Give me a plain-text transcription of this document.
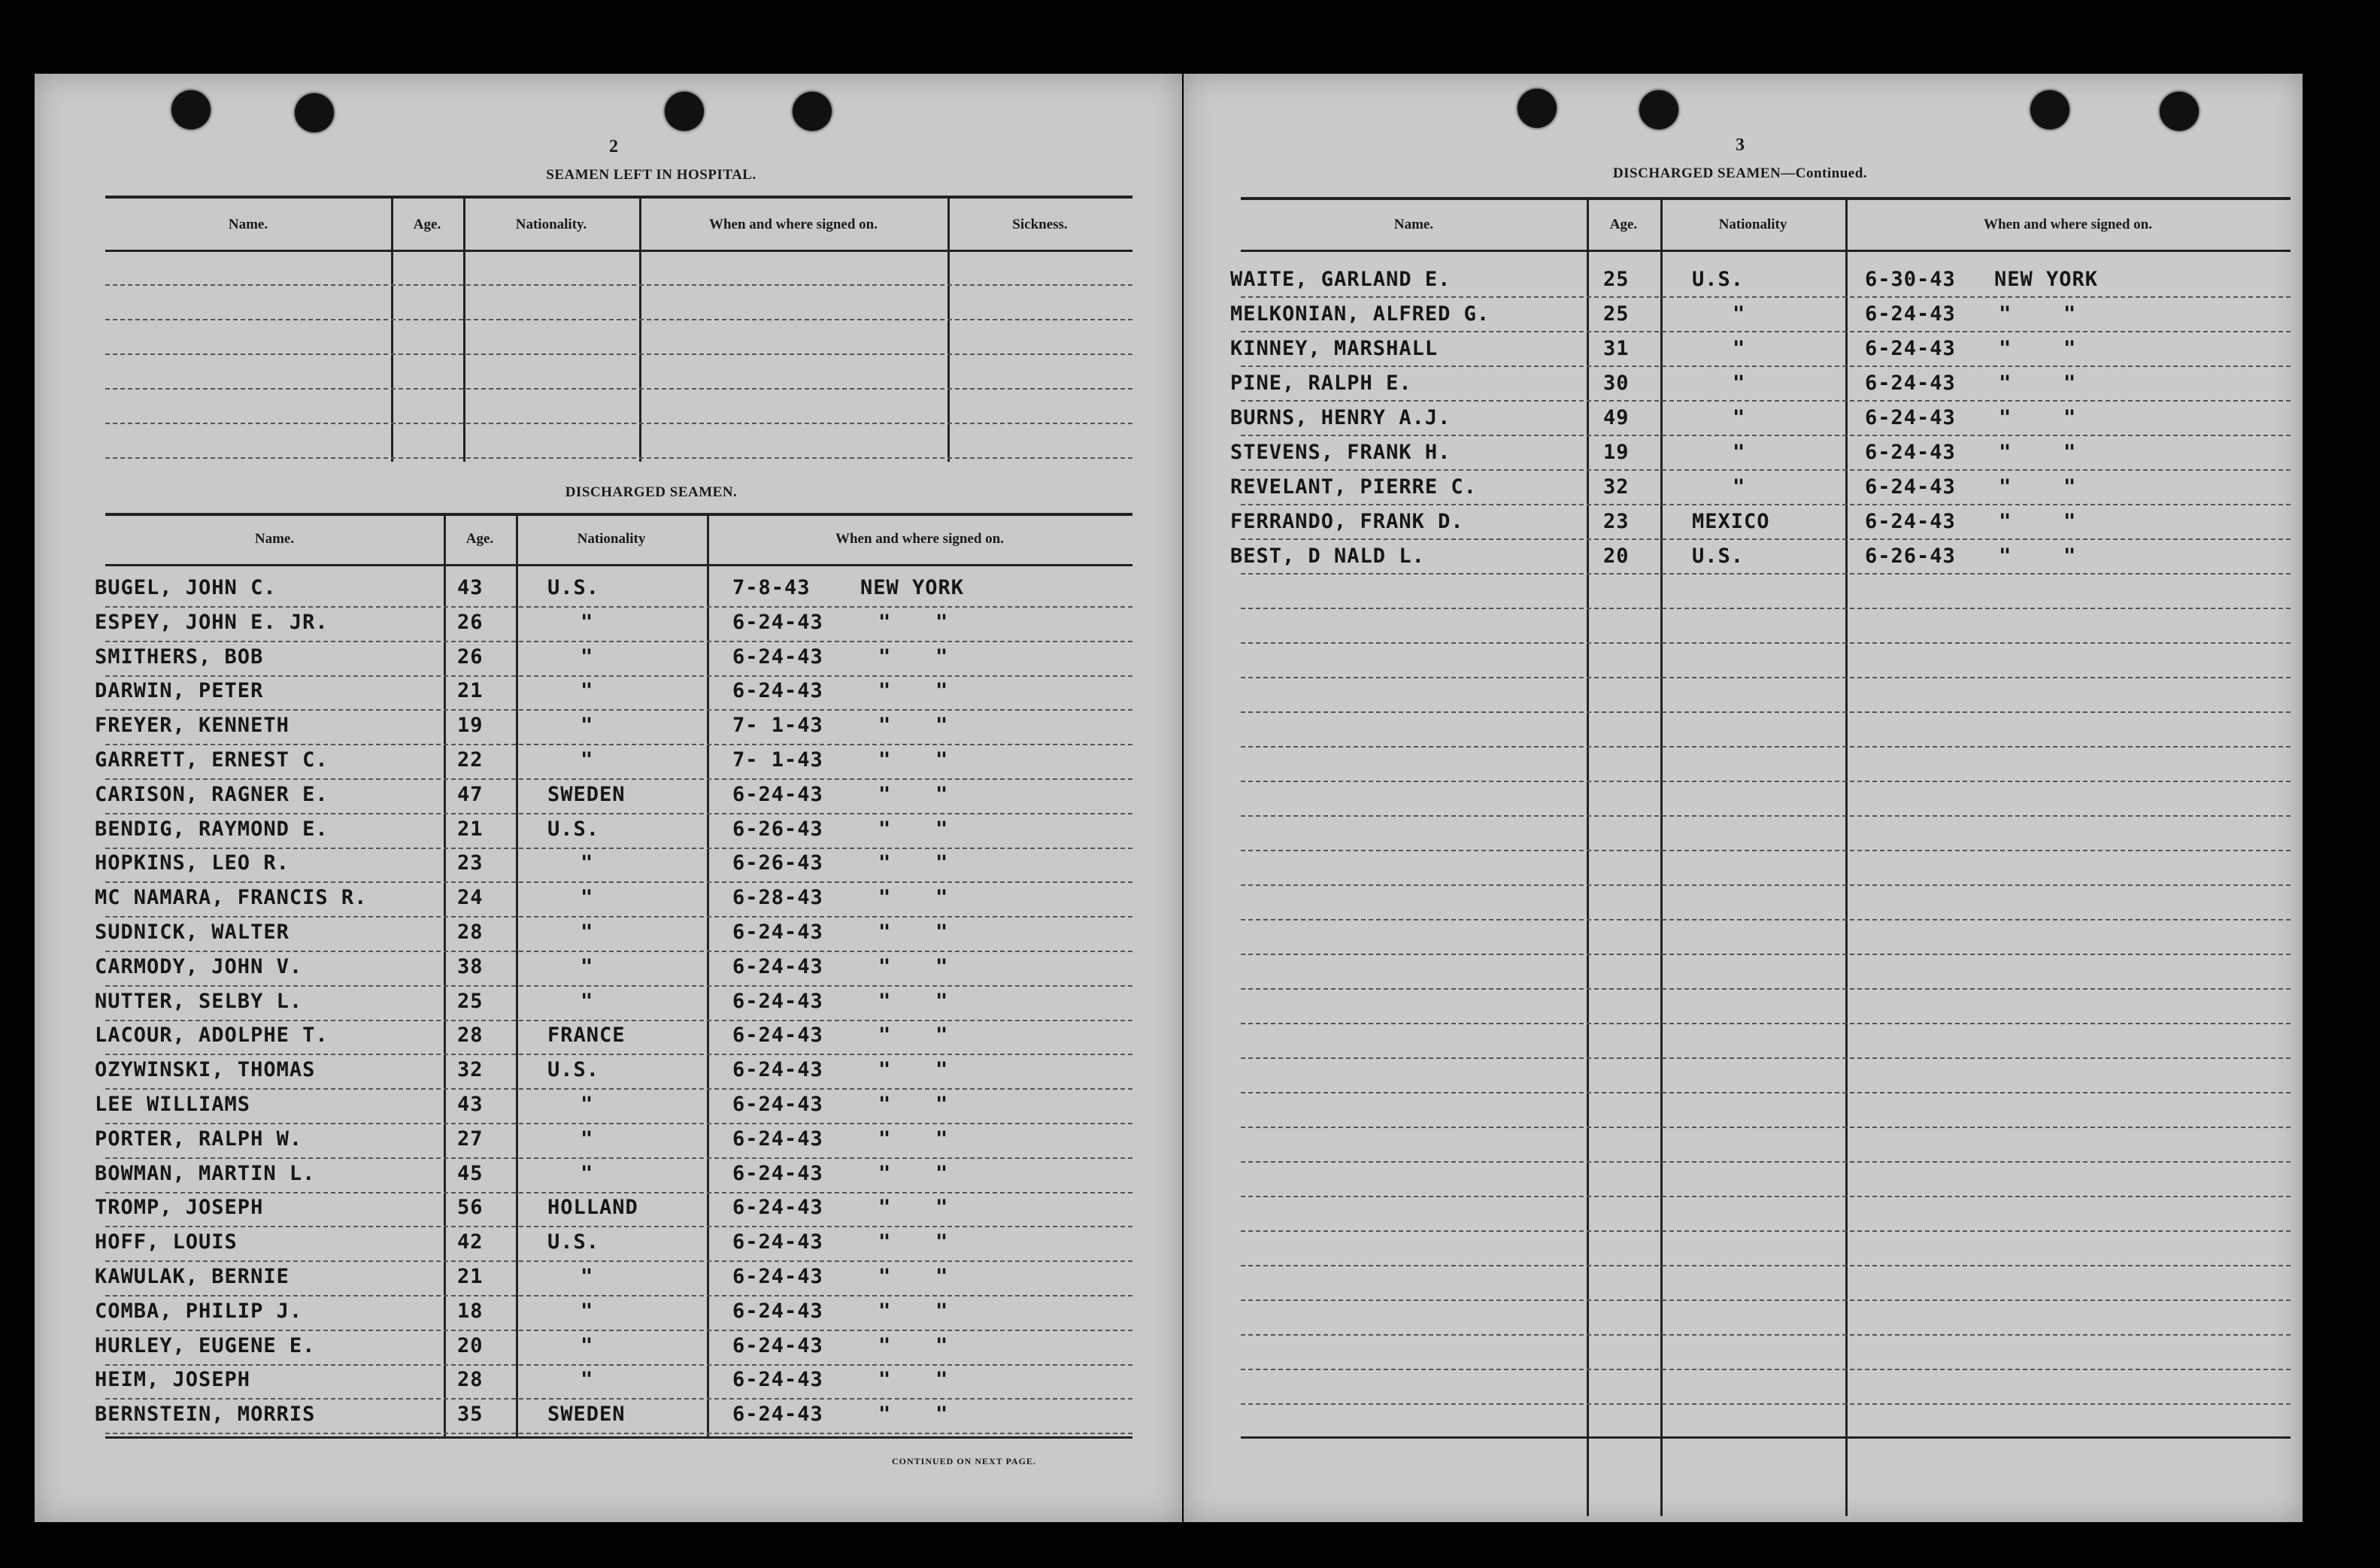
2
SEAMEN LEFT IN HOSPITAL.
Name.	Age.	Nationality.	When and where signed on.	Sickness.
DISCHARGED SEAMEN.
Name.	Age.	Nationality	When and where signed on.
BUGEL, JOHN C.	43	U.S.	7-8-43 NEW YORK
ESPEY, JOHN E. JR.	26	"	6-24-43	" "
SMITHERS, BOB	26	"	6-24-43	" "
DARWIN, PETER	21	"	6-24-43	" "
FREYER, KENNETH	19	"	7- 1-43	" "
GARRETT, ERNEST C.	22	"	7- 1-43	" "
CARISON, RAGNER E.	47	SWEDEN	6-24-43	" "
BENDIG, RAYMOND E.	21	U.S.	6-26-43	" "
HOPKINS, LEO R.	23	"	6-26-43	" "
MC NAMARA, FRANCIS R.	24	"	6-28-43	" "
SUDNICK, WALTER	28	"	6-24-43	" "
CARMODY, JOHN V.	38	"	6-24-43	" "
NUTTER, SELBY L.	25	"	6-24-43	" "
LACOUR, ADOLPHE T.	28	FRANCE	6-24-43	" "
OZYWINSKI, THOMAS	32	U.S.	6-24-43	" "
LEE WILLIAMS	43	"	6-24-43	" "
PORTER, RALPH W.	27	"	6-24-43	" "
BOWMAN, MARTIN L.	45	"	6-24-43	" "
TROMP, JOSEPH	56	HOLLAND	6-24-43	" "
HOFF, LOUIS	42	U.S.	6-24-43	" "
KAWULAK, BERNIE	21	"	6-24-43	" "
COMBA, PHILIP J.	18	"	6-24-43	" "
HURLEY, EUGENE E.	20	"	6-24-43	" "
HEIM, JOSEPH	28	"	6-24-43	" "
BERNSTEIN, MORRIS	35	SWEDEN	6-24-43	" "
CONTINUED ON NEXT PAGE.
3
DISCHARGED SEAMEN—Continued.
Name.	Age.	Nationality	When and where signed on.
WAITE, GARLAND E.	25	U.S.	6-30-43 NEW YORK
MELKONIAN, ALFRED G.	25	"	6-24-43 "	"
KINNEY, MARSHALL	31	"	6-24-43 "	"
PINE, RALPH E.	30	"	6-24-43 "	"
BURNS, HENRY A.J.	49	"	6-24-43 "	"
STEVENS, FRANK H.	19	"	6-24-43 "	"
REVELANT, PIERRE C.	32	"	6-24-43 "	"
FERRANDO, FRANK D.	23	MEXICO	6-24-43 "	"
BEST, D NALD L.	20	U.S.	6-26-43 "	"
